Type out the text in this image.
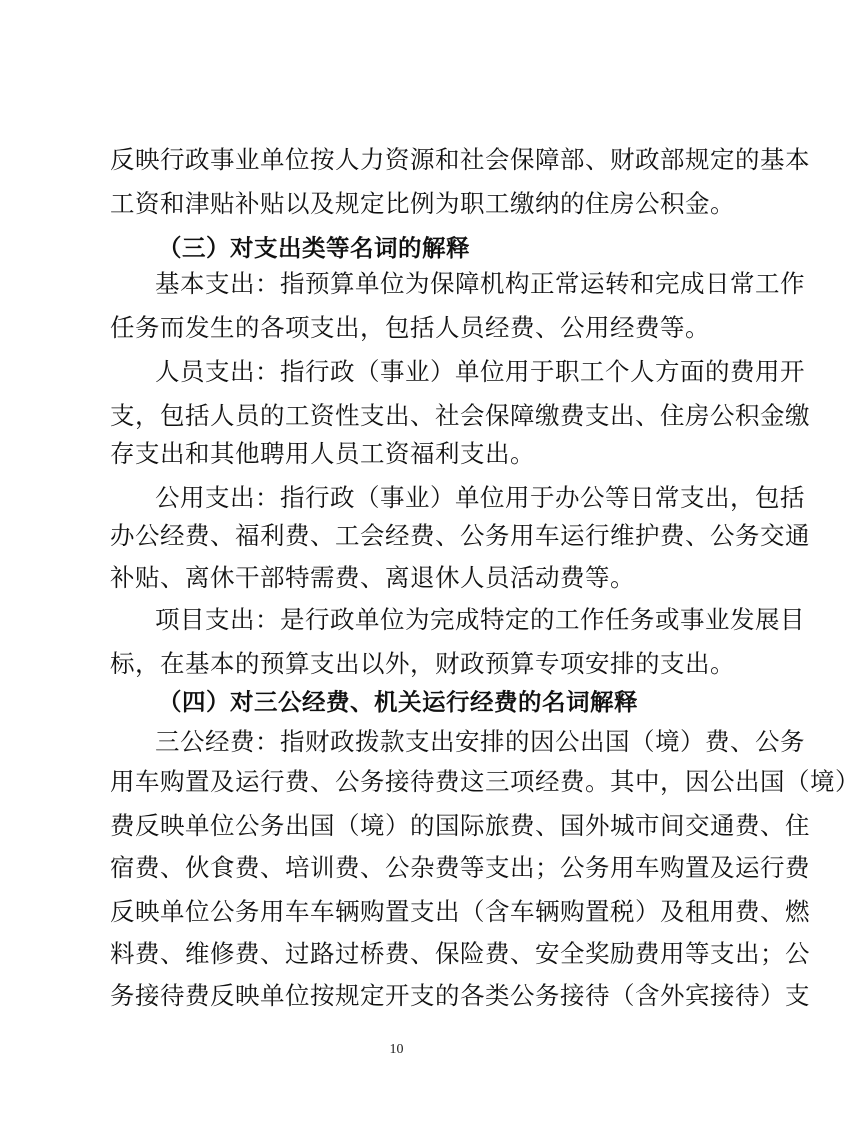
反映行政事业单位按人力资源和社会保障部、财政部规定的基本
工资和津贴补贴以及规定比例为职工缴纳的住房公积金。
（三）对支出类等名词的解释
基本支出：指预算单位为保障机构正常运转和完成日常工作
任务而发生的各项支出，包括人员经费、公用经费等。
人员支出：指行政（事业）单位用于职工个人方面的费用开
支，包括人员的工资性支出、社会保障缴费支出、住房公积金缴
存支出和其他聘用人员工资福利支出。
公用支出：指行政（事业）单位用于办公等日常支出，包括
办公经费、福利费、工会经费、公务用车运行维护费、公务交通
补贴、离休干部特需费、离退休人员活动费等。
项目支出：是行政单位为完成特定的工作任务或事业发展目
标，在基本的预算支出以外，财政预算专项安排的支出。
（四）对三公经费、机关运行经费的名词解释
三公经费：指财政拨款支出安排的因公出国（境）费、公务
用车购置及运行费、公务接待费这三项经费。其中，因公出国（境）
费反映单位公务出国（境）的国际旅费、国外城市间交通费、住
宿费、伙食费、培训费、公杂费等支出；公务用车购置及运行费
反映单位公务用车车辆购置支出（含车辆购置税）及租用费、燃
料费、维修费、过路过桥费、保险费、安全奖励费用等支出；公
务接待费反映单位按规定开支的各类公务接待（含外宾接待）支
10
